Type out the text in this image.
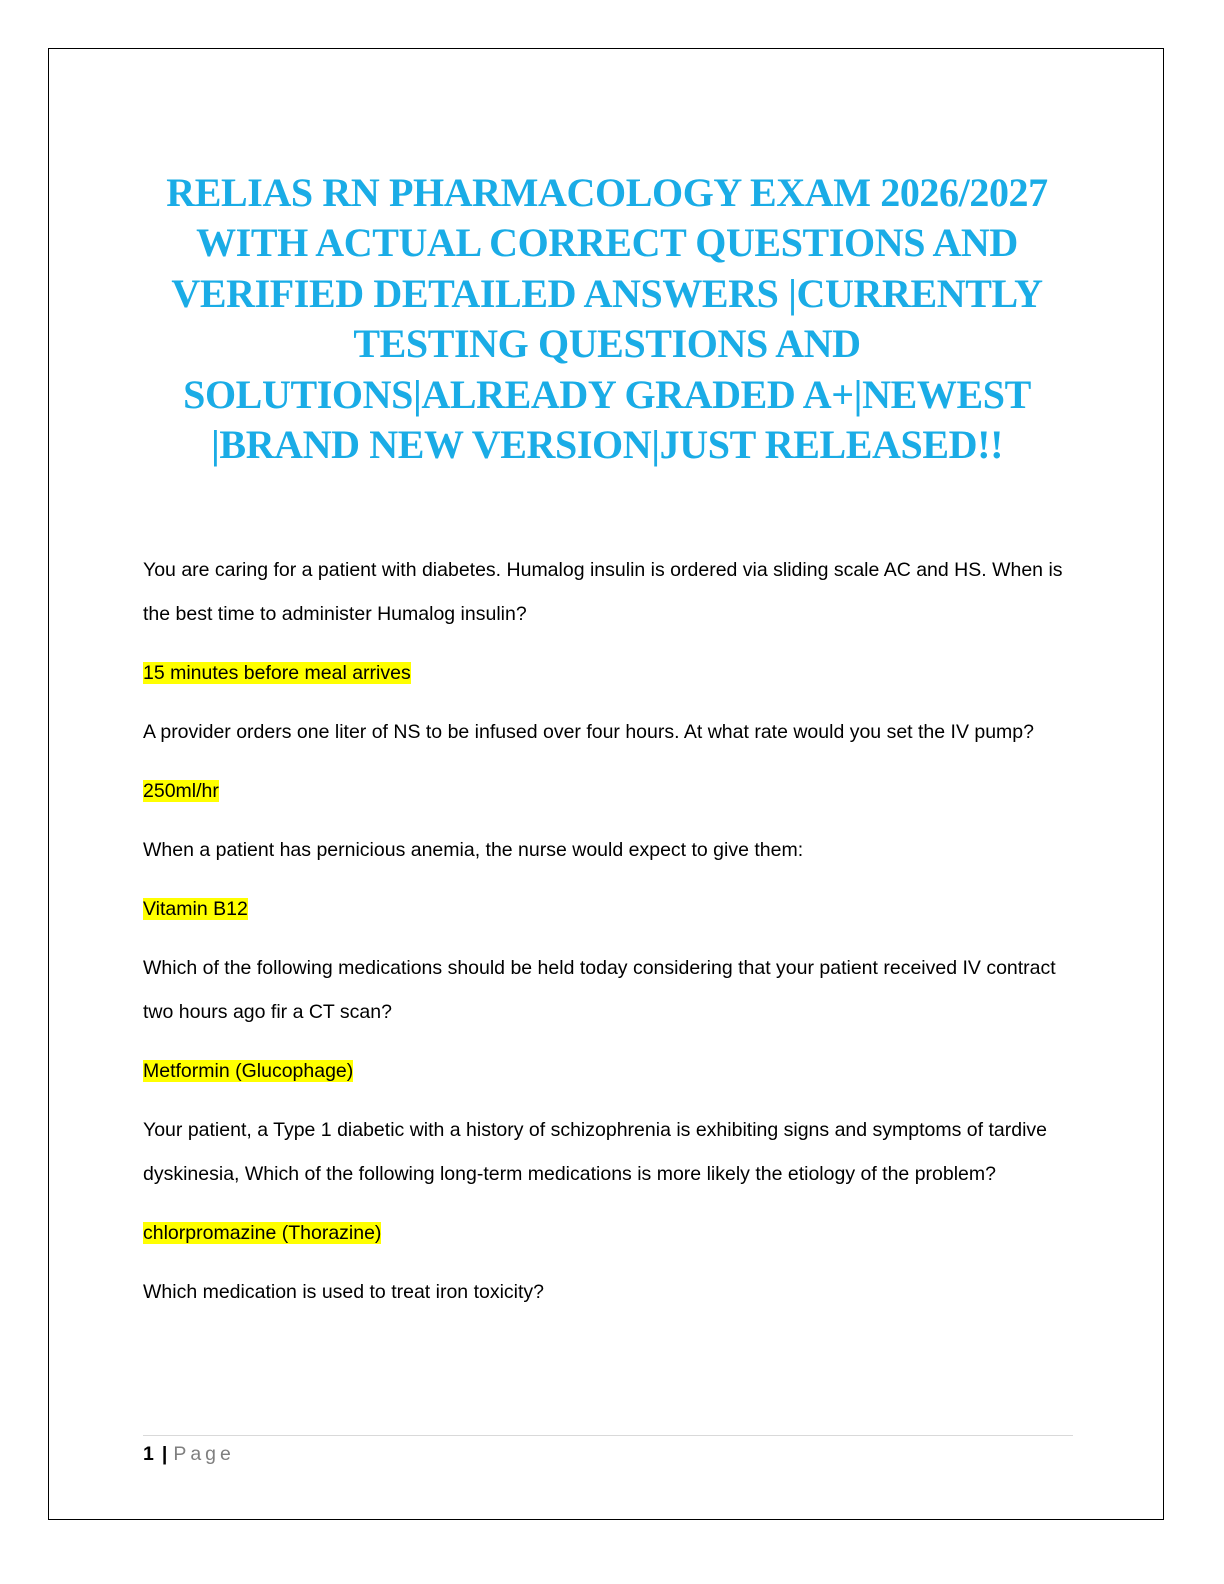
RELIAS RN PHARMACOLOGY EXAM 2026/2027 WITH ACTUAL CORRECT QUESTIONS AND VERIFIED DETAILED ANSWERS |CURRENTLY TESTING QUESTIONS AND SOLUTIONS|ALREADY GRADED A+|NEWEST |BRAND NEW VERSION|JUST RELEASED!!

You are caring for a patient with diabetes. Humalog insulin is ordered via sliding scale AC and HS. When is the best time to administer Humalog insulin?

15 minutes before meal arrives

A provider orders one liter of NS to be infused over four hours. At what rate would you set the IV pump?

250ml/hr

When a patient has pernicious anemia, the nurse would expect to give them:

Vitamin B12

Which of the following medications should be held today considering that your patient received IV contract two hours ago fir a CT scan?

Metformin (Glucophage)

Your patient, a Type 1 diabetic with a history of schizophrenia is exhibiting signs and symptoms of tardive dyskinesia, Which of the following long-term medications is more likely the etiology of the problem?

chlorpromazine (Thorazine)

Which medication is used to treat iron toxicity?

1 | Page
